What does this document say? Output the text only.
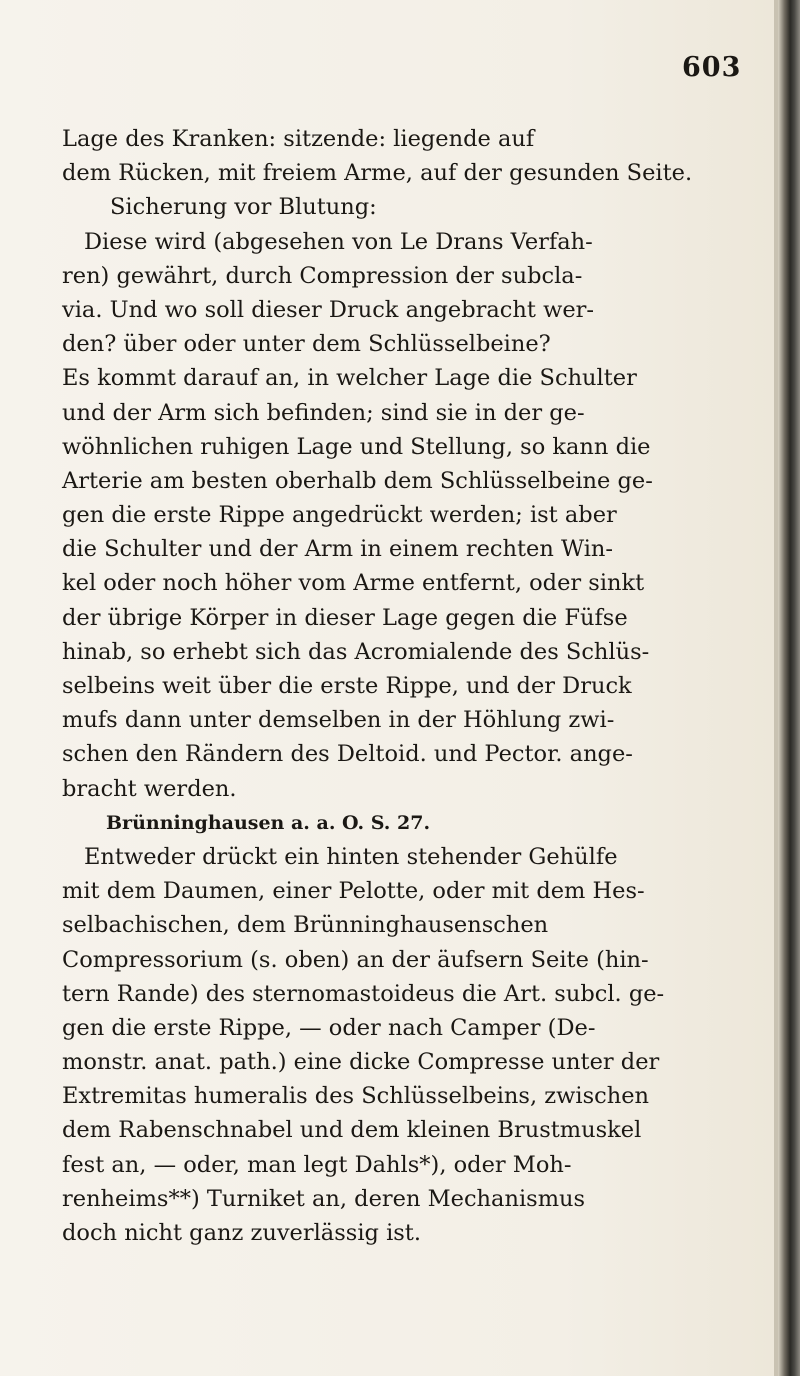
603
Lage des Kranken: sitzende: liegende auf
dem Rücken, mit freiem Arme, auf der gesunden Seite.
Sicherung vor Blutung:
Diese wird (abgesehen von Le Drans Verfah-
ren) gewährt, durch Compression der subcla-
via. Und wo soll dieser Druck angebracht wer-
den? über oder unter dem Schlüsselbeine?
Es kommt darauf an, in welcher Lage die Schulter
und der Arm sich befinden; sind sie in der ge-
wöhnlichen ruhigen Lage und Stellung, so kann die
Arterie am besten oberhalb dem Schlüsselbeine ge-
gen die erste Rippe angedrückt werden; ist aber
die Schulter und der Arm in einem rechten Win-
kel oder noch höher vom Arme entfernt, oder sinkt
der übrige Körper in dieser Lage gegen die Füfse
hinab, so erhebt sich das Acromialende des Schlüs-
selbeins weit über die erste Rippe, und der Druck
mufs dann unter demselben in der Höhlung zwi-
schen den Rändern des Deltoid. und Pector. ange-
bracht werden.
Brünninghausen a. a. O. S. 27.
Entweder drückt ein hinten stehender Gehülfe
mit dem Daumen, einer Pelotte, oder mit dem Hes-
selbachischen, dem Brünninghausenschen
Compressorium (s. oben) an der äufsern Seite (hin-
tern Rande) des sternomastoideus die Art. subcl. ge-
gen die erste Rippe, — oder nach Camper (De-
monstr. anat. path.) eine dicke Compresse unter der
Extremitas humeralis des Schlüsselbeins, zwischen
dem Rabenschnabel und dem kleinen Brustmuskel
fest an, — oder, man legt Dahls*), oder Moh-
renheims**) Turniket an, deren Mechanismus
doch nicht ganz zuverlässig ist.
